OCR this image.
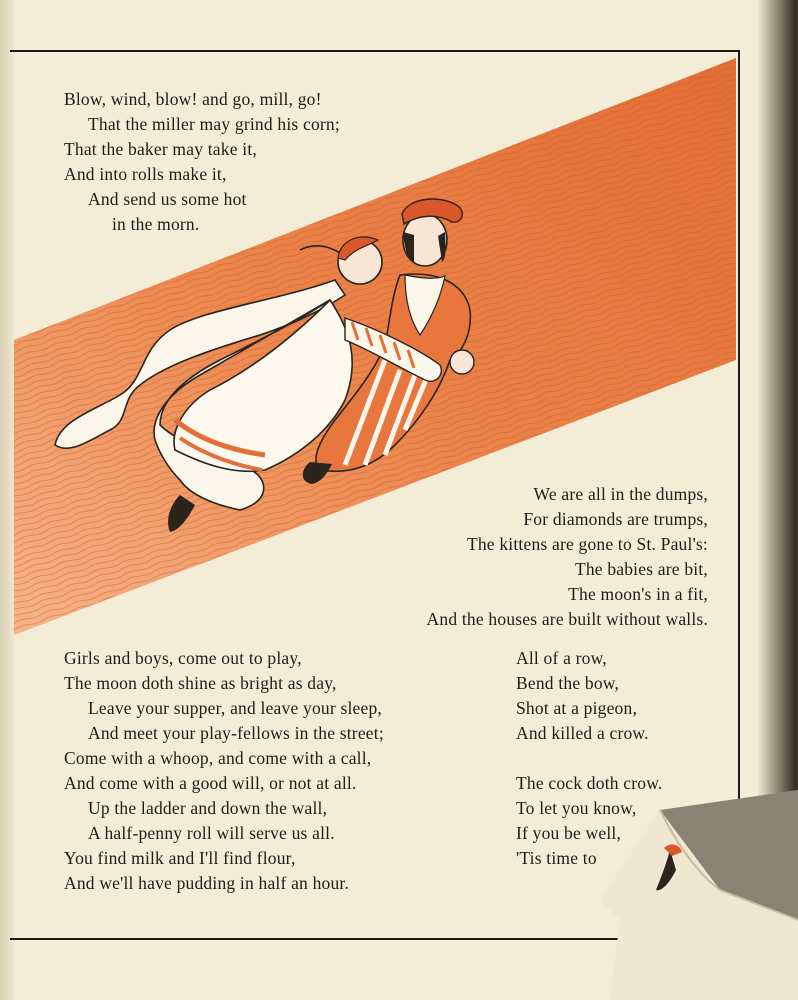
Blow, wind, blow! and go, mill, go!
That the miller may grind his corn;
That the baker may take it,
And into rolls make it,
And send us some hot
in the morn.
We are all in the dumps,
For diamonds are trumps,
The kittens are gone to St. Paul's:
The babies are bit,
The moon's in a fit,
And the houses are built without walls.
Girls and boys, come out to play,
The moon doth shine as bright as day,
Leave your supper, and leave your sleep,
And meet your play-fellows in the street;
Come with a whoop, and come with a call,
And come with a good will, or not at all.
Up the ladder and down the wall,
A half-penny roll will serve us all.
You find milk and I'll find flour,
And we'll have pudding in half an hour.
All of a row,
Bend the bow,
Shot at a pigeon,
And killed a crow.
The cock doth crow.
To let you know,
If you be well,
'Tis time to
